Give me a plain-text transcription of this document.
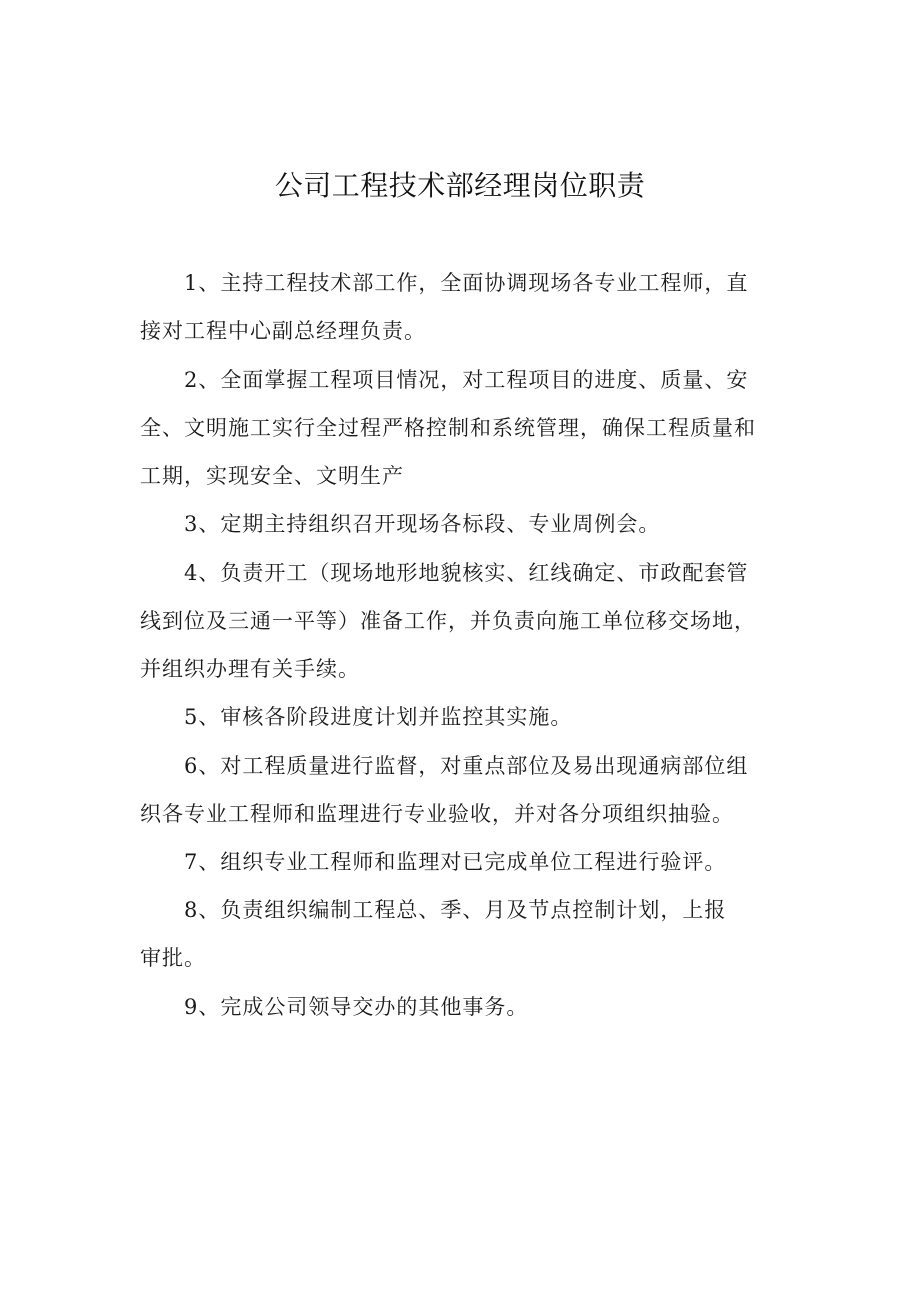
公司工程技术部经理岗位职责
1、主持工程技术部工作，全面协调现场各专业工程师，直
接对工程中心副总经理负责。
2、全面掌握工程项目情况，对工程项目的进度、质量、安
全、文明施工实行全过程严格控制和系统管理，确保工程质量和
工期，实现安全、文明生产
3、定期主持组织召开现场各标段、专业周例会。
4、负责开工（现场地形地貌核实、红线确定、市政配套管
线到位及三通一平等）准备工作，并负责向施工单位移交场地，
并组织办理有关手续。
5、审核各阶段进度计划并监控其实施。
6、对工程质量进行监督，对重点部位及易出现通病部位组
织各专业工程师和监理进行专业验收，并对各分项组织抽验。
7、组织专业工程师和监理对已完成单位工程进行验评。
8、负责组织编制工程总、季、月及节点控制计划，上报
审批。
9、完成公司领导交办的其他事务。
